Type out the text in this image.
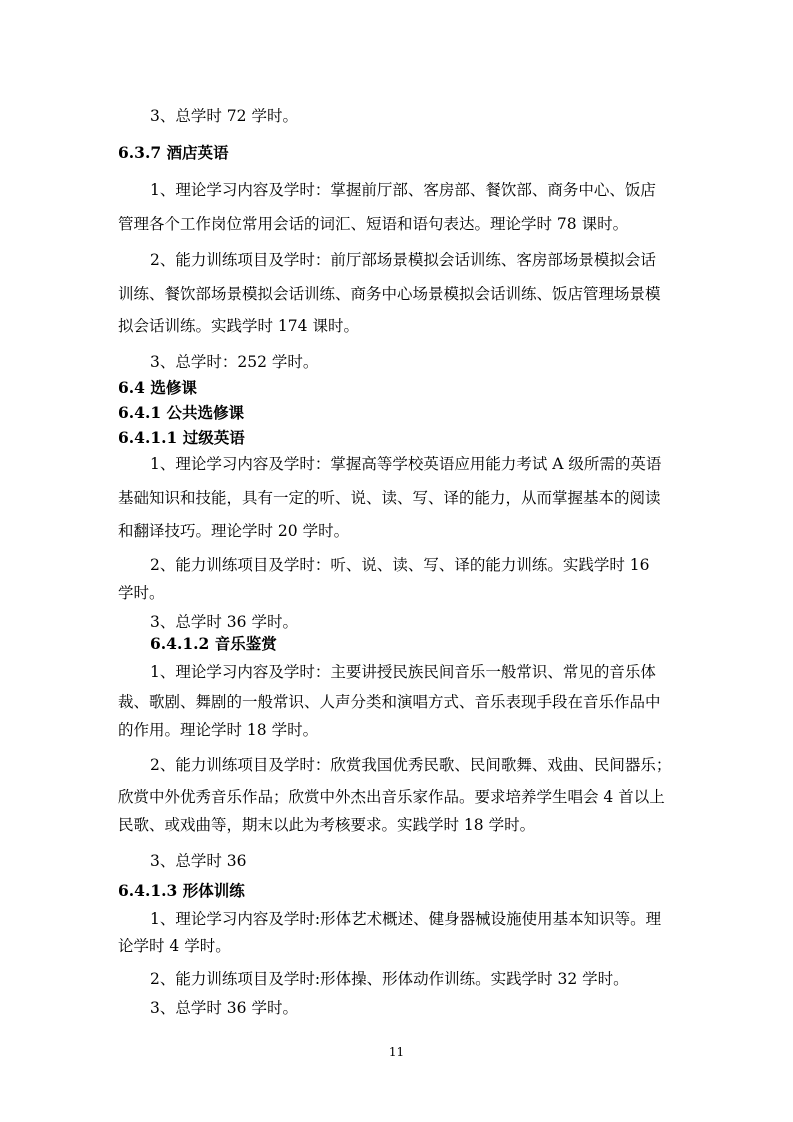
3、总学时 72 学时。
6.3.7 酒店英语
1、理论学习内容及学时：掌握前厅部、客房部、餐饮部、商务中心、饭店
管理各个工作岗位常用会话的词汇、短语和语句表达。理论学时 78 课时。
2、能力训练项目及学时：前厅部场景模拟会话训练、客房部场景模拟会话
训练、餐饮部场景模拟会话训练、商务中心场景模拟会话训练、饭店管理场景模
拟会话训练。实践学时 174 课时。
3、总学时：252 学时。
6.4 选修课
6.4.1 公共选修课
6.4.1.1 过级英语
1、理论学习内容及学时：掌握高等学校英语应用能力考试 A 级所需的英语
基础知识和技能，具有一定的听、说、读、写、译的能力，从而掌握基本的阅读
和翻译技巧。理论学时 20 学时。
2、能力训练项目及学时：听、说、读、写、译的能力训练。实践学时 16
学时。
3、总学时 36 学时。
6.4.1.2 音乐鉴赏
1、理论学习内容及学时：主要讲授民族民间音乐一般常识、常见的音乐体
裁、歌剧、舞剧的一般常识、人声分类和演唱方式、音乐表现手段在音乐作品中
的作用。理论学时 18 学时。
2、能力训练项目及学时：欣赏我国优秀民歌、民间歌舞、戏曲、民间器乐；
欣赏中外优秀音乐作品；欣赏中外杰出音乐家作品。要求培养学生唱会 4 首以上
民歌、或戏曲等，期末以此为考核要求。实践学时 18 学时。
3、总学时 36
6.4.1.3 形体训练
1、理论学习内容及学时:形体艺术概述、健身器械设施使用基本知识等。理
论学时 4 学时。
2、能力训练项目及学时:形体操、形体动作训练。实践学时 32 学时。
3、总学时 36 学时。
11
